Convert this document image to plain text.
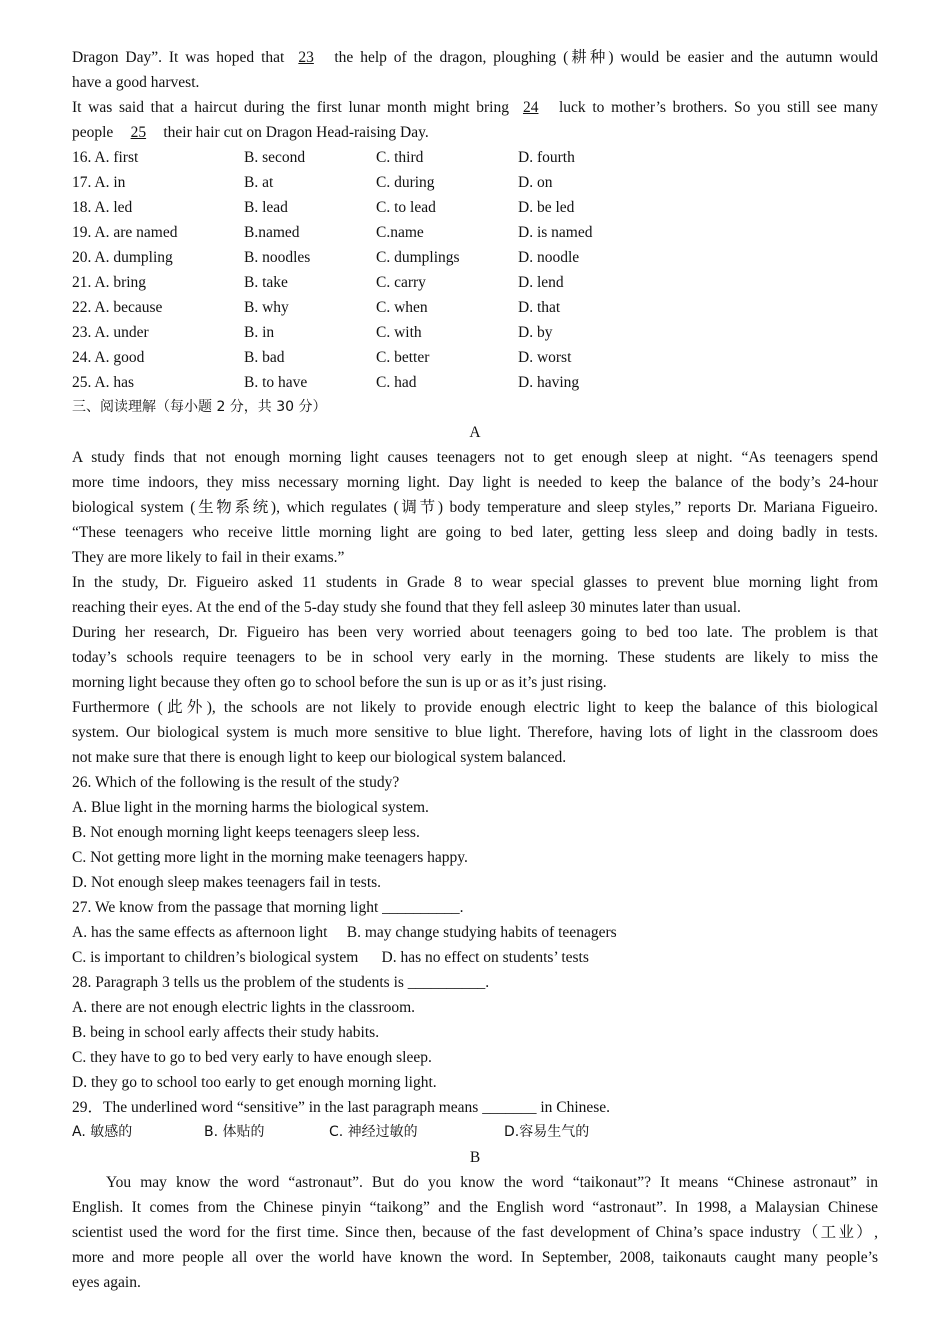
Dragon Day”. It was hoped that 23 the help of the dragon, ploughing (耕种) would be easier and the autumn would
have a good harvest.
It was said that a haircut during the first lunar month might bring 24 luck to mother’s brothers. So you still see many
people 25 their hair cut on Dragon Head-raising Day.
16. A. first	B. second	C. third	D. fourth
17. A. in	B. at	C. during	D. on
18. A. led	B. lead	C. to lead	D. be led
19. A. are named	B.named	C.name	D. is named
20. A. dumpling	B. noodles	C. dumplings	D. noodle
21. A. bring	B. take	C. carry	D. lend
22. A. because	B. why	C. when	D. that
23. A. under	B. in	C. with	D. by
24. A. good	B. bad	C. better	D. worst
25. A. has	B. to have	C. had	D. having
三、阅读理解（每小题 2 分，共 30 分）
A
A study finds that not enough morning light causes teenagers not to get enough sleep at night. “As teenagers spend
more time indoors, they miss necessary morning light. Day light is needed to keep the balance of the body’s 24-hour
biological system (生物系统), which regulates (调节) body temperature and sleep styles,” reports Dr. Mariana Figueiro.
“These teenagers who receive little morning light are going to bed later, getting less sleep and doing badly in tests.
They are more likely to fail in their exams.”
In the study, Dr. Figueiro asked 11 students in Grade 8 to wear special glasses to prevent blue morning light from
reaching their eyes. At the end of the 5-day study she found that they fell asleep 30 minutes later than usual.
During her research, Dr. Figueiro has been very worried about teenagers going to bed too late. The problem is that
today’s schools require teenagers to be in school very early in the morning. These students are likely to miss the
morning light because they often go to school before the sun is up or as it’s just rising.
Furthermore (此外), the schools are not likely to provide enough electric light to keep the balance of this biological
system. Our biological system is much more sensitive to blue light. Therefore, having lots of light in the classroom does
not make sure that there is enough light to keep our biological system balanced.
26. Which of the following is the result of the study?
A. Blue light in the morning harms the biological system.
B. Not enough morning light keeps teenagers sleep less.
C. Not getting more light in the morning make teenagers happy.
D. Not enough sleep makes teenagers fail in tests.
27. We know from the passage that morning light __________.
A. has the same effects as afternoon light     B. may change studying habits of teenagers
C. is important to children’s biological system      D. has no effect on students’ tests
28. Paragraph 3 tells us the problem of the students is __________.
A. there are not enough electric lights in the classroom.
B. being in school early affects their study habits.
C. they have to go to bed very early to have enough sleep.
D. they go to school too early to get enough morning light.
29．The underlined word “sensitive” in the last paragraph means _______ in Chinese.
A. 敏感的	B. 体贴的	C. 神经过敏的	D.容易生气的
B
You may know the word “astronaut”. But do you know the word “taikonaut”? It means “Chinese astronaut” in
English. It comes from the Chinese pinyin “taikong” and the English word “astronaut”. In 1998, a Malaysian Chinese
scientist used the word for the first time. Since then, because of the fast development of China’s space industry（工业）,
more and more people all over the world have known the word. In September, 2008, taikonauts caught many people’s
eyes again.
